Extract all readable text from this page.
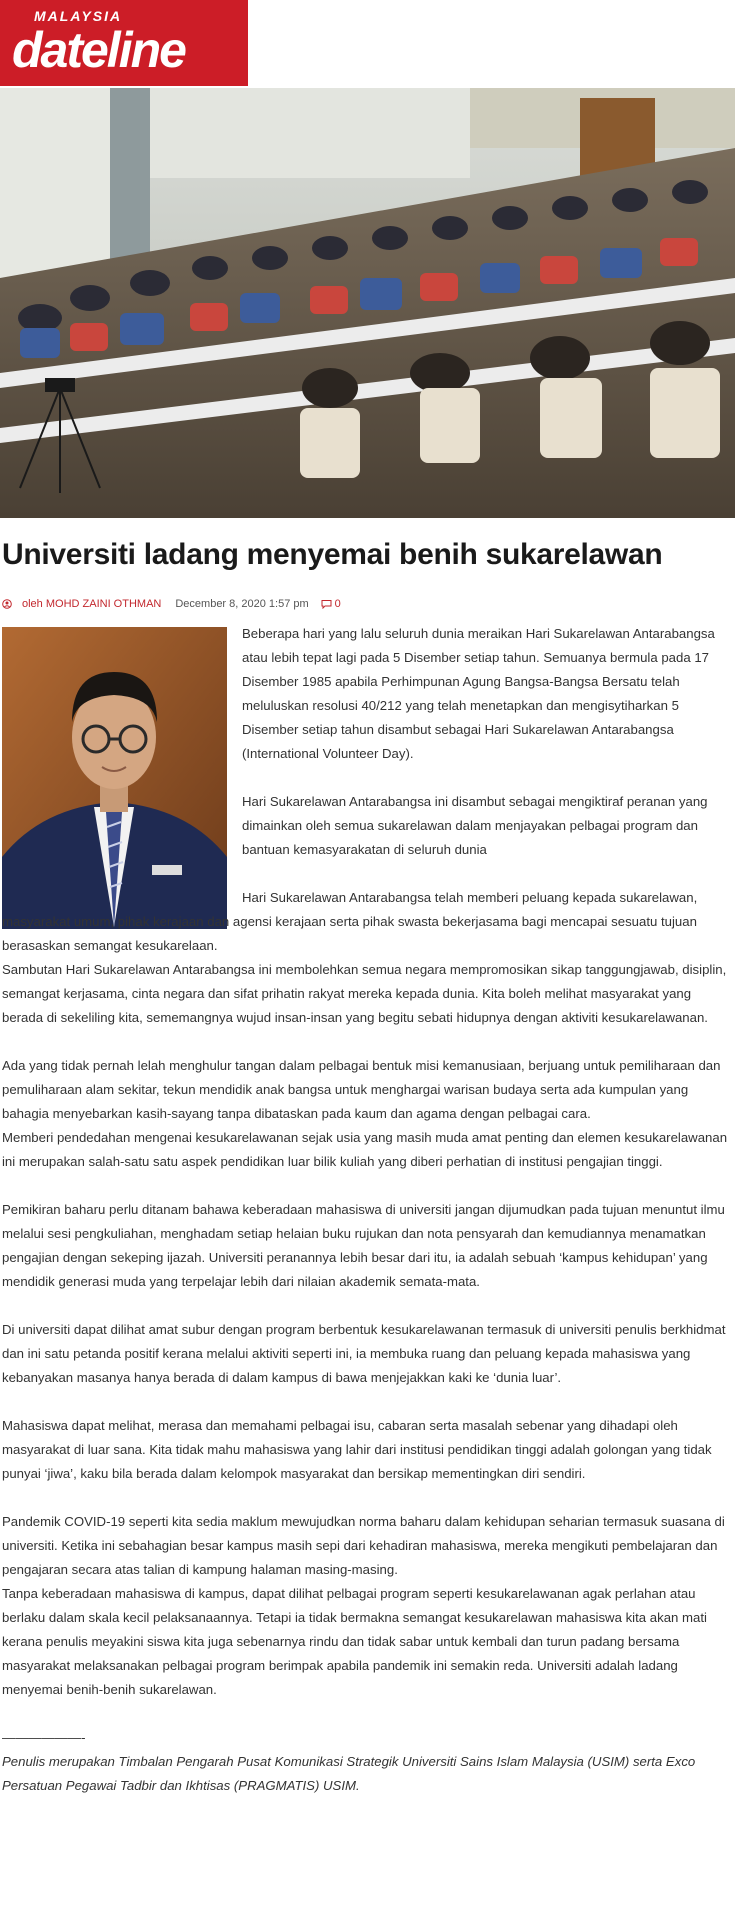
MALAYSIA
dateline
Universiti ladang menyemai benih sukarelawan
oleh MOHD ZAINI OTHMAN December 8, 2020 1:57 pm 0

Beberapa hari yang lalu seluruh dunia meraikan Hari Sukarelawan Antarabangsa atau lebih tepat lagi pada 5 Disember setiap tahun. Semuanya bermula pada 17 Disember 1985 apabila Perhimpunan Agung Bangsa-Bangsa Bersatu telah meluluskan resolusi 40/212 yang telah menetapkan dan mengisytiharkan 5 Disember setiap tahun disambut sebagai Hari Sukarelawan Antarabangsa (International Volunteer Day).

Hari Sukarelawan Antarabangsa ini disambut sebagai mengiktiraf peranan yang dimainkan oleh semua sukarelawan dalam menjayakan pelbagai program dan bantuan kemasyarakatan di seluruh dunia

Hari Sukarelawan Antarabangsa telah memberi peluang kepada sukarelawan, masyarakat umum, pihak kerajaan dan agensi kerajaan serta pihak swasta bekerjasama bagi mencapai sesuatu tujuan berasaskan semangat kesukarelaan.

Sambutan Hari Sukarelawan Antarabangsa ini membolehkan semua negara mempromosikan sikap tanggungjawab, disiplin, semangat kerjasama, cinta negara dan sifat prihatin rakyat mereka kepada dunia. Kita boleh melihat masyarakat yang berada di sekeliling kita, sememangnya wujud insan-insan yang begitu sebati hidupnya dengan aktiviti kesukarelawanan.

Ada yang tidak pernah lelah menghulur tangan dalam pelbagai bentuk misi kemanusiaan, berjuang untuk pemiliharaan dan pemuliharaan alam sekitar, tekun mendidik anak bangsa untuk menghargai warisan budaya serta ada kumpulan yang bahagia menyebarkan kasih-sayang tanpa dibataskan pada kaum dan agama dengan pelbagai cara.

Memberi pendedahan mengenai kesukarelawanan sejak usia yang masih muda amat penting dan elemen kesukarelawanan ini merupakan salah-satu satu aspek pendidikan luar bilik kuliah yang diberi perhatian di institusi pengajian tinggi.

Pemikiran baharu perlu ditanam bahawa keberadaan mahasiswa di universiti jangan dijumudkan pada tujuan menuntut ilmu melalui sesi pengkuliahan, menghadam setiap helaian buku rujukan dan nota pensyarah dan kemudiannya menamatkan pengajian dengan sekeping ijazah. Universiti peranannya lebih besar dari itu, ia adalah sebuah ‘kampus kehidupan’ yang mendidik generasi muda yang terpelajar lebih dari nilaian akademik semata-mata.

Di universiti dapat dilihat amat subur dengan program berbentuk kesukarelawanan termasuk di universiti penulis berkhidmat dan ini satu petanda positif kerana melalui aktiviti seperti ini, ia membuka ruang dan peluang kepada mahasiswa yang kebanyakan masanya hanya berada di dalam kampus di bawa menjejakkan kaki ke ‘dunia luar’.

Mahasiswa dapat melihat, merasa dan memahami pelbagai isu, cabaran serta masalah sebenar yang dihadapi oleh masyarakat di luar sana. Kita tidak mahu mahasiswa yang lahir dari institusi pendidikan tinggi adalah golongan yang tidak punyai ‘jiwa’, kaku bila berada dalam kelompok masyarakat dan bersikap mementingkan diri sendiri.

Pandemik COVID-19 seperti kita sedia maklum mewujudkan norma baharu dalam kehidupan seharian termasuk suasana di universiti. Ketika ini sebahagian besar kampus masih sepi dari kehadiran mahasiswa, mereka mengikuti pembelajaran dan pengajaran secara atas talian di kampung halaman masing-masing.

Tanpa keberadaan mahasiswa di kampus, dapat dilihat pelbagai program seperti kesukarelawanan agak perlahan atau berlaku dalam skala kecil pelaksanaannya. Tetapi ia tidak bermakna semangat kesukarelawan mahasiswa kita akan mati kerana penulis meyakini siswa kita juga sebenarnya rindu dan tidak sabar untuk kembali dan turun padang bersama masyarakat melaksanakan pelbagai program berimpak apabila pandemik ini semakin reda. Universiti adalah ladang menyemai benih-benih sukarelawan.

——————-

Penulis merupakan Timbalan Pengarah Pusat Komunikasi Strategik Universiti Sains Islam Malaysia (USIM) serta Exco Persatuan Pegawai Tadbir dan Ikhtisas (PRAGMATIS) USIM.
